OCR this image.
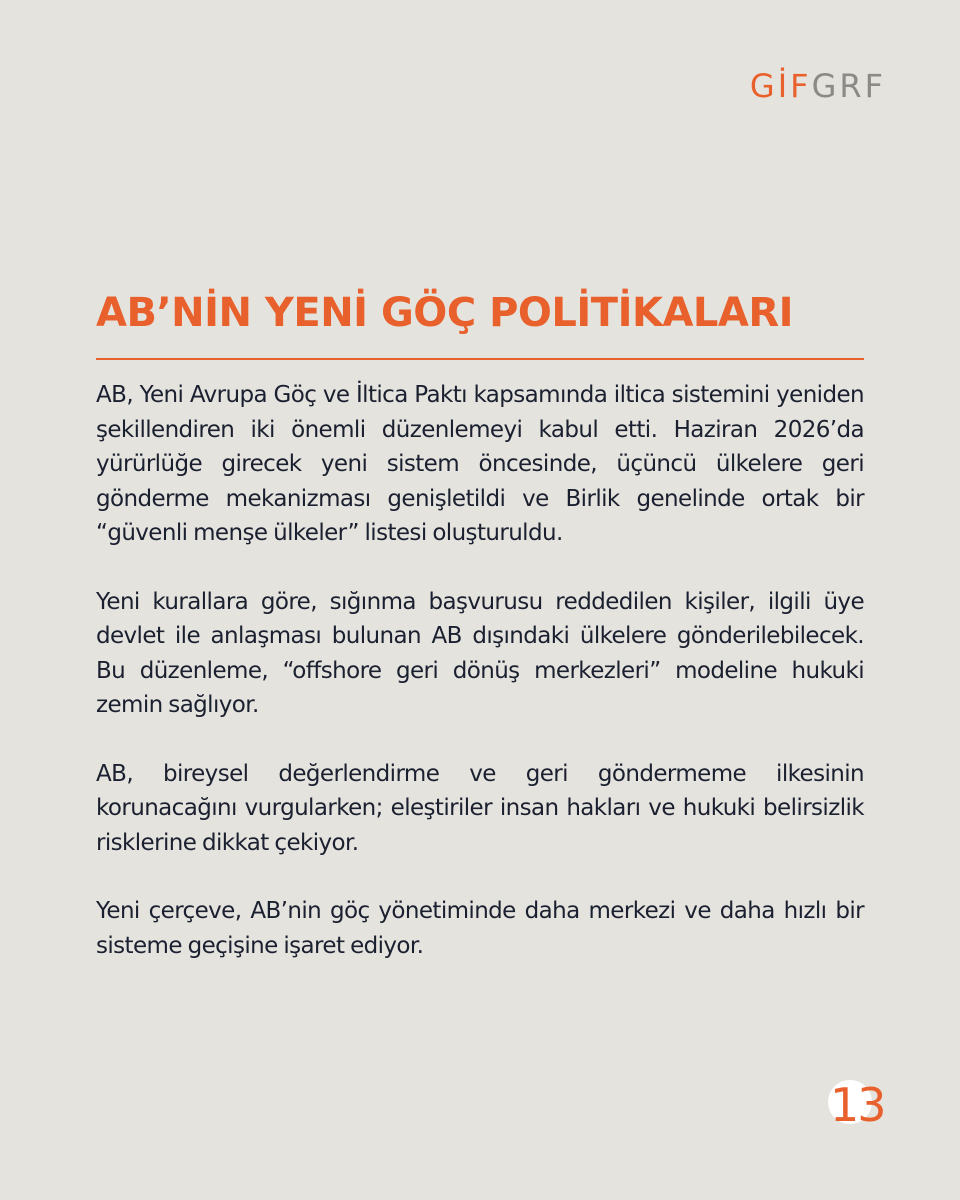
GİFGRF
AB’NİN YENİ GÖÇ POLİTİKALARI

AB, Yeni Avrupa Göç ve İltica Paktı kapsamında iltica sistemini yeniden şekillendiren iki önemli düzenlemeyi kabul etti. Haziran 2026’da yürürlüğe girecek yeni sistem öncesinde, üçüncü ülkelere geri gönderme mekanizması genişletildi ve Birlik genelinde ortak bir “güvenli menşe ülkeler” listesi oluşturuldu.

Yeni kurallara göre, sığınma başvurusu reddedilen kişiler, ilgili üye devlet ile anlaşması bulunan AB dışındaki ülkelere gönderilebilecek. Bu düzenleme, “offshore geri dönüş merkezleri” modeline hukuki zemin sağlıyor.

AB, bireysel değerlendirme ve geri göndermeme ilkesinin korunacağını vurgularken; eleştiriler insan hakları ve hukuki belirsizlik risklerine dikkat çekiyor.

Yeni çerçeve, AB’nin göç yönetiminde daha merkezi ve daha hızlı bir sisteme geçişine işaret ediyor.

13
